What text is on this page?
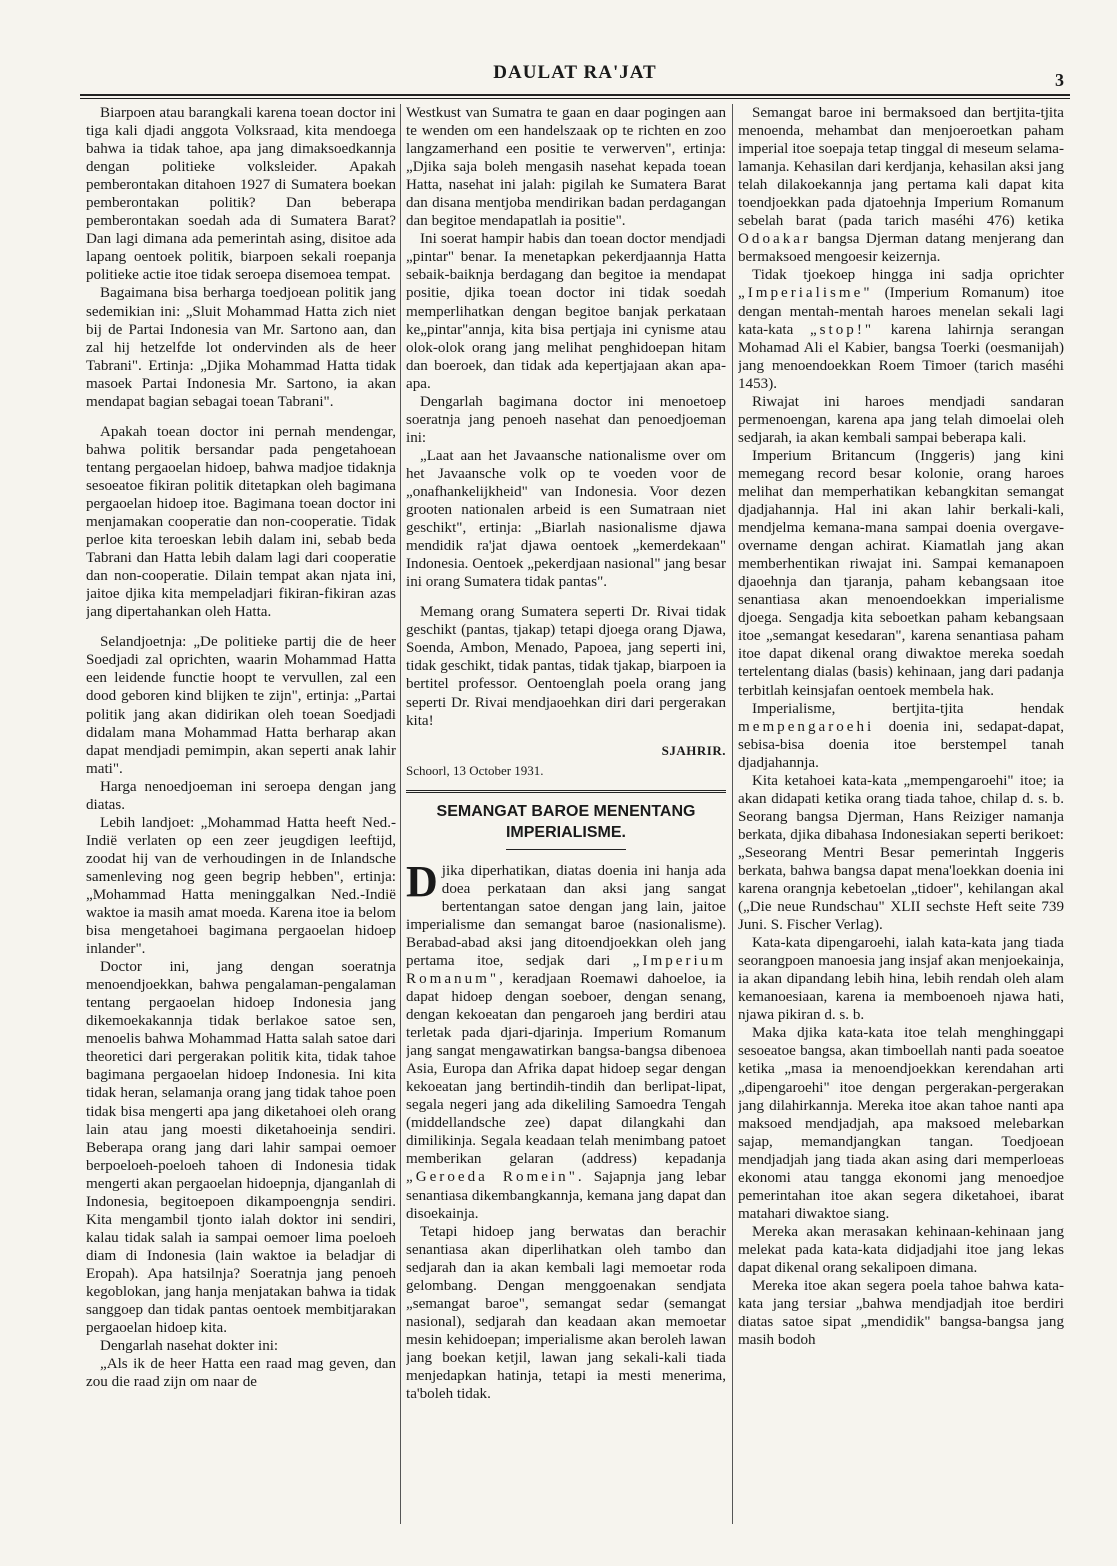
DAULAT RA'JAT	3

Biarpoen atau barangkali karena toean doctor ini tiga kali djadi anggota Volksraad, kita mendoega bahwa ia tidak tahoe, apa jang dimaksoedkannja dengan politieke volksleider. Apakah pemberontakan ditahoen 1927 di Sumatera boekan pemberontakan politik? Dan beberapa pemberontakan soedah ada di Sumatera Barat? Dan lagi dimana ada pemerintah asing, disitoe ada lapang oentoek politik, biarpoen sekali roepanja politieke actie itoe tidak seroepa disemoea tempat.

Bagaimana bisa berharga toedjoean politik jang sedemikian ini: „Sluit Mohammad Hatta zich niet bij de Partai Indonesia van Mr. Sartono aan, dan zal hij hetzelfde lot ondervinden als de heer Tabrani". Ertinja: „Djika Mohammad Hatta tidak masoek Partai Indonesia Mr. Sartono, ia akan mendapat bagian sebagai toean Tabrani".

Apakah toean doctor ini pernah mendengar, bahwa politik bersandar pada pengetahoean tentang pergaoelan hidoep, bahwa madjoe tidaknja sesoeatoe fikiran politik ditetapkan oleh bagimana pergaoelan hidoep itoe. Bagimana toean doctor ini menjamakan cooperatie dan non-cooperatie. Tidak perloe kita teroeskan lebih dalam ini, sebab beda Tabrani dan Hatta lebih dalam lagi dari cooperatie dan non-cooperatie. Dilain tempat akan njata ini, jaitoe djika kita mempeladjari fikiran-fikiran azas jang dipertahankan oleh Hatta.

Selandjoetnja: „De politieke partij die de heer Soedjadi zal oprichten, waarin Mohammad Hatta een leidende functie hoopt te vervullen, zal een dood geboren kind blijken te zijn", ertinja: „Partai politik jang akan didirikan oleh toean Soedjadi didalam mana Mohammad Hatta berharap akan dapat mendjadi pemimpin, akan seperti anak lahir mati".

Harga nenoedjoeman ini seroepa dengan jang diatas.

Lebih landjoet: „Mohammad Hatta heeft Ned.-Indië verlaten op een zeer jeugdigen leeftijd, zoodat hij van de verhoudingen in de Inlandsche samenleving nog geen begrip hebben", ertinja: „Mohammad Hatta meninggalkan Ned.-Indië waktoe ia masih amat moeda. Karena itoe ia belom bisa mengetahoei bagimana pergaoelan hidoep inlander".

Doctor ini, jang dengan soeratnja menoendjoekkan, bahwa pengalaman-pengalaman tentang pergaoelan hidoep Indonesia jang dikemoekakannja tidak berlakoe satoe sen, menoelis bahwa Mohammad Hatta salah satoe dari theoretici dari pergerakan politik kita, tidak tahoe bagimana pergaoelan hidoep Indonesia. Ini kita tidak heran, selamanja orang jang tidak tahoe poen tidak bisa mengerti apa jang diketahoei oleh orang lain atau jang moesti diketahoeinja sendiri. Beberapa orang jang dari lahir sampai oemoer berpoeloeh-poeloeh tahoen di Indonesia tidak mengerti akan pergaoelan hidoepnja, djanganlah di Indonesia, begitoepoen dikampoengnja sendiri. Kita mengambil tjonto ialah doktor ini sendiri, kalau tidak salah ia sampai oemoer lima poeloeh diam di Indonesia (lain waktoe ia beladjar di Eropah). Apa hatsilnja? Soeratnja jang penoeh kegoblokan, jang hanja menjatakan bahwa ia tidak sanggoep dan tidak pantas oentoek membitjarakan pergaoelan hidoep kita.

Dengarlah nasehat dokter ini:

„Als ik de heer Hatta een raad mag geven, dan zou die raad zijn om naar de

Westkust van Sumatra te gaan en daar pogingen aan te wenden om een handelszaak op te richten en zoo langzamerhand een positie te verwerven", ertinja: „Djika saja boleh mengasih nasehat kepada toean Hatta, nasehat ini jalah: pigilah ke Sumatera Barat dan disana mentjoba mendirikan badan perdagangan dan begitoe mendapatlah ia positie".

Ini soerat hampir habis dan toean doctor mendjadi „pintar" benar. Ia menetapkan pekerdjaannja Hatta sebaik-baiknja berdagang dan begitoe ia mendapat positie, djika toean doctor ini tidak soedah memperlihatkan dengan begitoe banjak perkataan ke„pintar"annja, kita bisa pertjaja ini cynisme atau olok-olok orang jang melihat penghidoepan hitam dan boeroek, dan tidak ada kepertjajaan akan apa-apa.

Dengarlah bagimana doctor ini menoetoep soeratnja jang penoeh nasehat dan penoedjoeman ini:

„Laat aan het Javaansche nationalisme over om het Javaansche volk op te voeden voor de „onafhankelijkheid" van Indonesia. Voor dezen grooten nationalen arbeid is een Sumatraan niet geschikt", ertinja: „Biarlah nasionalisme djawa mendidik ra'jat djawa oentoek „kemerdekaan" Indonesia. Oentoek „pekerdjaan nasional" jang besar ini orang Sumatera tidak pantas".

Memang orang Sumatera seperti Dr. Rivai tidak geschikt (pantas, tjakap) tetapi djoega orang Djawa, Soenda, Ambon, Menado, Papoea, jang seperti ini, tidak geschikt, tidak pantas, tidak tjakap, biarpoen ia bertitel professor. Oentoenglah poela orang jang seperti Dr. Rivai mendjaoehkan diri dari pergerakan kita!

SJAHRIR.
Schoorl, 13 October 1931.
SEMANGAT BAROE MENENTANG IMPERIALISME.

Djika diperhatikan, diatas doenia ini hanja ada doea perkataan dan aksi jang sangat bertentangan satoe dengan jang lain, jaitoe imperialisme dan semangat baroe (nasionalisme). Berabad-abad aksi jang ditoendjoekkan oleh jang pertama itoe, sedjak dari „Imperium Romanum", keradjaan Roemawi dahoeloe, ia dapat hidoep dengan soeboer, dengan senang, dengan kekoeatan dan pengaroeh jang berdiri atau terletak pada djari-djarinja. Imperium Romanum jang sangat mengawatirkan bangsa-bangsa dibenoea Asia, Europa dan Afrika dapat hidoep segar dengan kekoeatan jang bertindih-tindih dan berlipat-lipat, segala negeri jang ada dikeliling Samoedra Tengah (middellandsche zee) dapat dilangkahi dan dimilikinja. Segala keadaan telah menimbang patoet memberikan gelaran (address) kepadanja „Geroeda Romein". Sajapnja jang lebar senantiasa dikembangkannja, kemana jang dapat dan disoekainja.

Tetapi hidoep jang berwatas dan berachir senantiasa akan diperlihatkan oleh tambo dan sedjarah dan ia akan kembali lagi memoetar roda gelombang. Dengan menggoenakan sendjata „semangat baroe", semangat sedar (semangat nasional), sedjarah dan keadaan akan memoetar mesin kehidoepan; imperialisme akan beroleh lawan jang boekan ketjil, lawan jang sekali-kali tiada menjedapkan hatinja, tetapi ia mesti menerima, ta'boleh tidak.

Semangat baroe ini bermaksoed dan bertjita-tjita menoenda, mehambat dan menjoeroetkan paham imperial itoe soepaja tetap tinggal di meseum selama-lamanja. Kehasilan dari kerdjanja, kehasilan aksi jang telah dilakoekannja jang pertama kali dapat kita toendjoekkan pada djatoehnja Imperium Romanum sebelah barat (pada tarich maséhi 476) ketika Odoakar bangsa Djerman datang menjerang dan bermaksoed mengoesir keizernja.

Tidak tjoekoep hingga ini sadja oprichter „Imperialisme" (Imperium Romanum) itoe dengan mentah-mentah haroes menelan sekali lagi kata-kata „stop!" karena lahirnja serangan Mohamad Ali el Kabier, bangsa Toerki (oesmanijah) jang menoendoekkan Roem Timoer (tarich maséhi 1453).

Riwajat ini haroes mendjadi sandaran permenoengan, karena apa jang telah dimoelai oleh sedjarah, ia akan kembali sampai beberapa kali.

Imperium Britancum (Inggeris) jang kini memegang record besar kolonie, orang haroes melihat dan memperhatikan kebangkitan semangat djadjahannja. Hal ini akan lahir berkali-kali, mendjelma kemana-mana sampai doenia overgave-overname dengan achirat. Kiamatlah jang akan memberhentikan riwajat ini. Sampai kemanapoen djaoehnja dan tjaranja, paham kebangsaan itoe senantiasa akan menoendoekkan imperialisme djoega. Sengadja kita seboetkan paham kebangsaan itoe „semangat kesedaran", karena senantiasa paham itoe dapat dikenal orang diwaktoe mereka soedah tertelentang dialas (basis) kehinaan, jang dari padanja terbitlah keinsjafan oentoek membela hak.

Imperialisme, bertjita-tjita hendak mempengaroehi doenia ini, sedapat-dapat, sebisa-bisa doenia itoe berstempel tanah djadjahannja.

Kita ketahoei kata-kata „mempengaroehi" itoe; ia akan didapati ketika orang tiada tahoe, chilap d. s. b. Seorang bangsa Djerman, Hans Reiziger namanja berkata, djika dibahasa Indonesiakan seperti berikoet: „Seseorang Mentri Besar pemerintah Inggeris berkata, bahwa bangsa dapat mena'loekkan doenia ini karena orangnja kebetoelan „tidoer", kehilangan akal („Die neue Rundschau" XLII sechste Heft seite 739 Juni. S. Fischer Verlag).

Kata-kata dipengaroehi, ialah kata-kata jang tiada seorangpoen manoesia jang insjaf akan menjoekainja, ia akan dipandang lebih hina, lebih rendah oleh alam kemanoesiaan, karena ia memboenoeh njawa hati, njawa pikiran d. s. b.

Maka djika kata-kata itoe telah menghinggapi sesoeatoe bangsa, akan timboellah nanti pada soeatoe ketika „masa ia menoendjoekkan kerendahan arti „dipengaroehi" itoe dengan pergerakan-pergerakan jang dilahirkannja. Mereka itoe akan tahoe nanti apa maksoed mendjadjah, apa maksoed melebarkan sajap, memandjangkan tangan. Toedjoean mendjadjah jang tiada akan asing dari memperloeas ekonomi atau tangga ekonomi jang menoedjoe pemerintahan itoe akan segera diketahoei, ibarat matahari diwaktoe siang.

Mereka akan merasakan kehinaan-kehinaan jang melekat pada kata-kata didjadjahi itoe jang lekas dapat dikenal orang sekalipoen dimana.

Mereka itoe akan segera poela tahoe bahwa kata-kata jang tersiar „bahwa mendjadjah itoe berdiri diatas satoe sipat „mendidik" bangsa-bangsa jang masih bodoh
